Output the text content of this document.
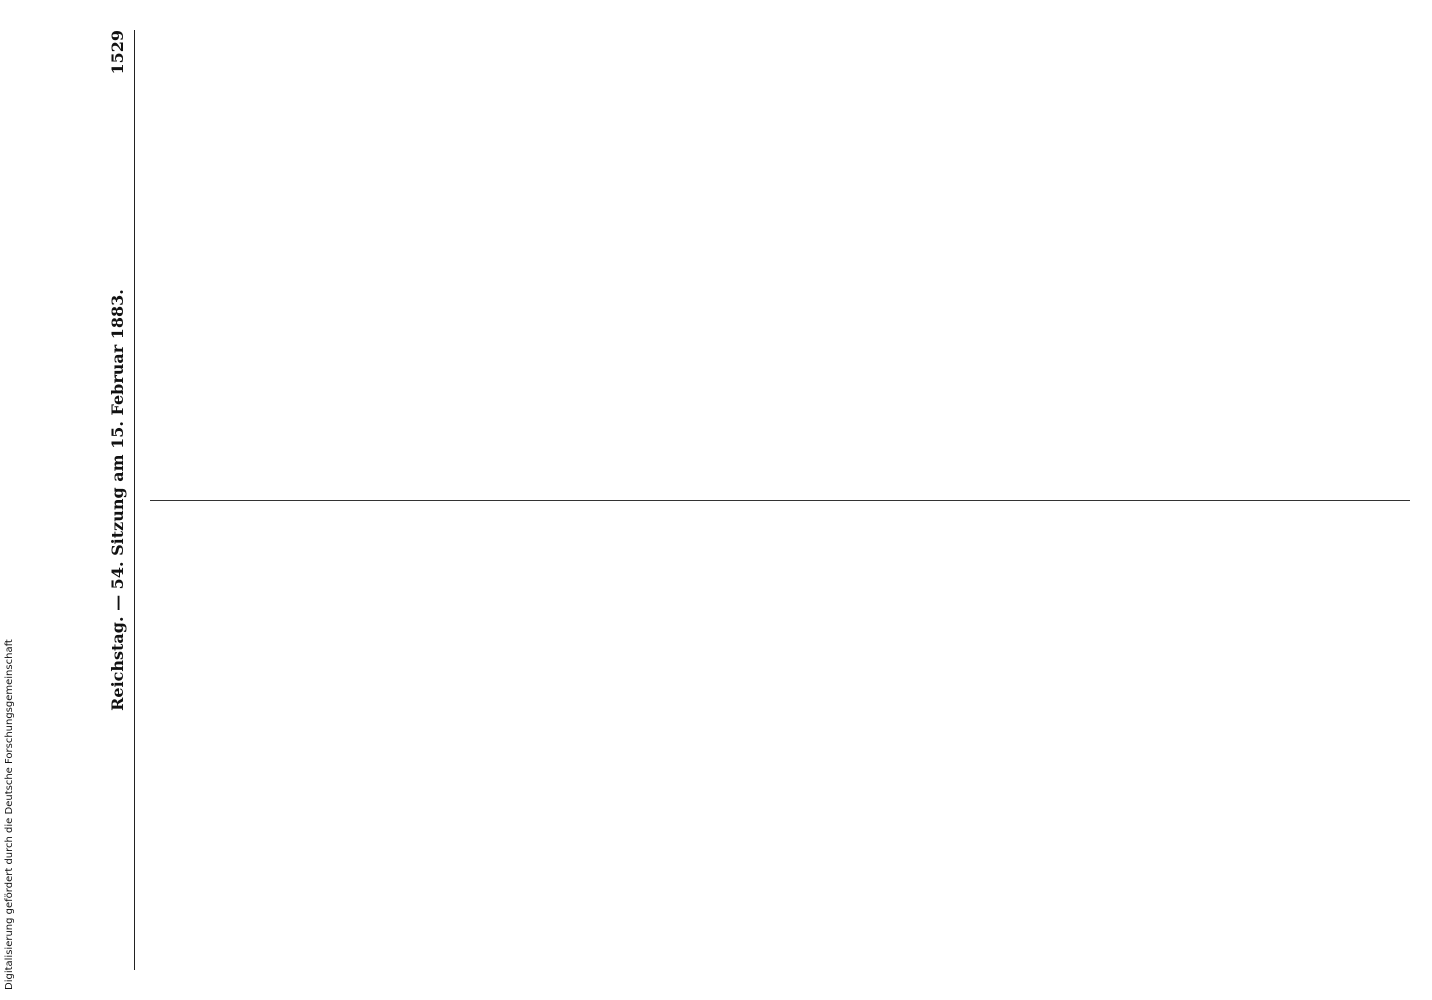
Reichstag. — 54. Sitzung am 15. Februar 1883.
1529
Digitalisierung gefördert durch die Deutsche Forschungsgemeinschaft
